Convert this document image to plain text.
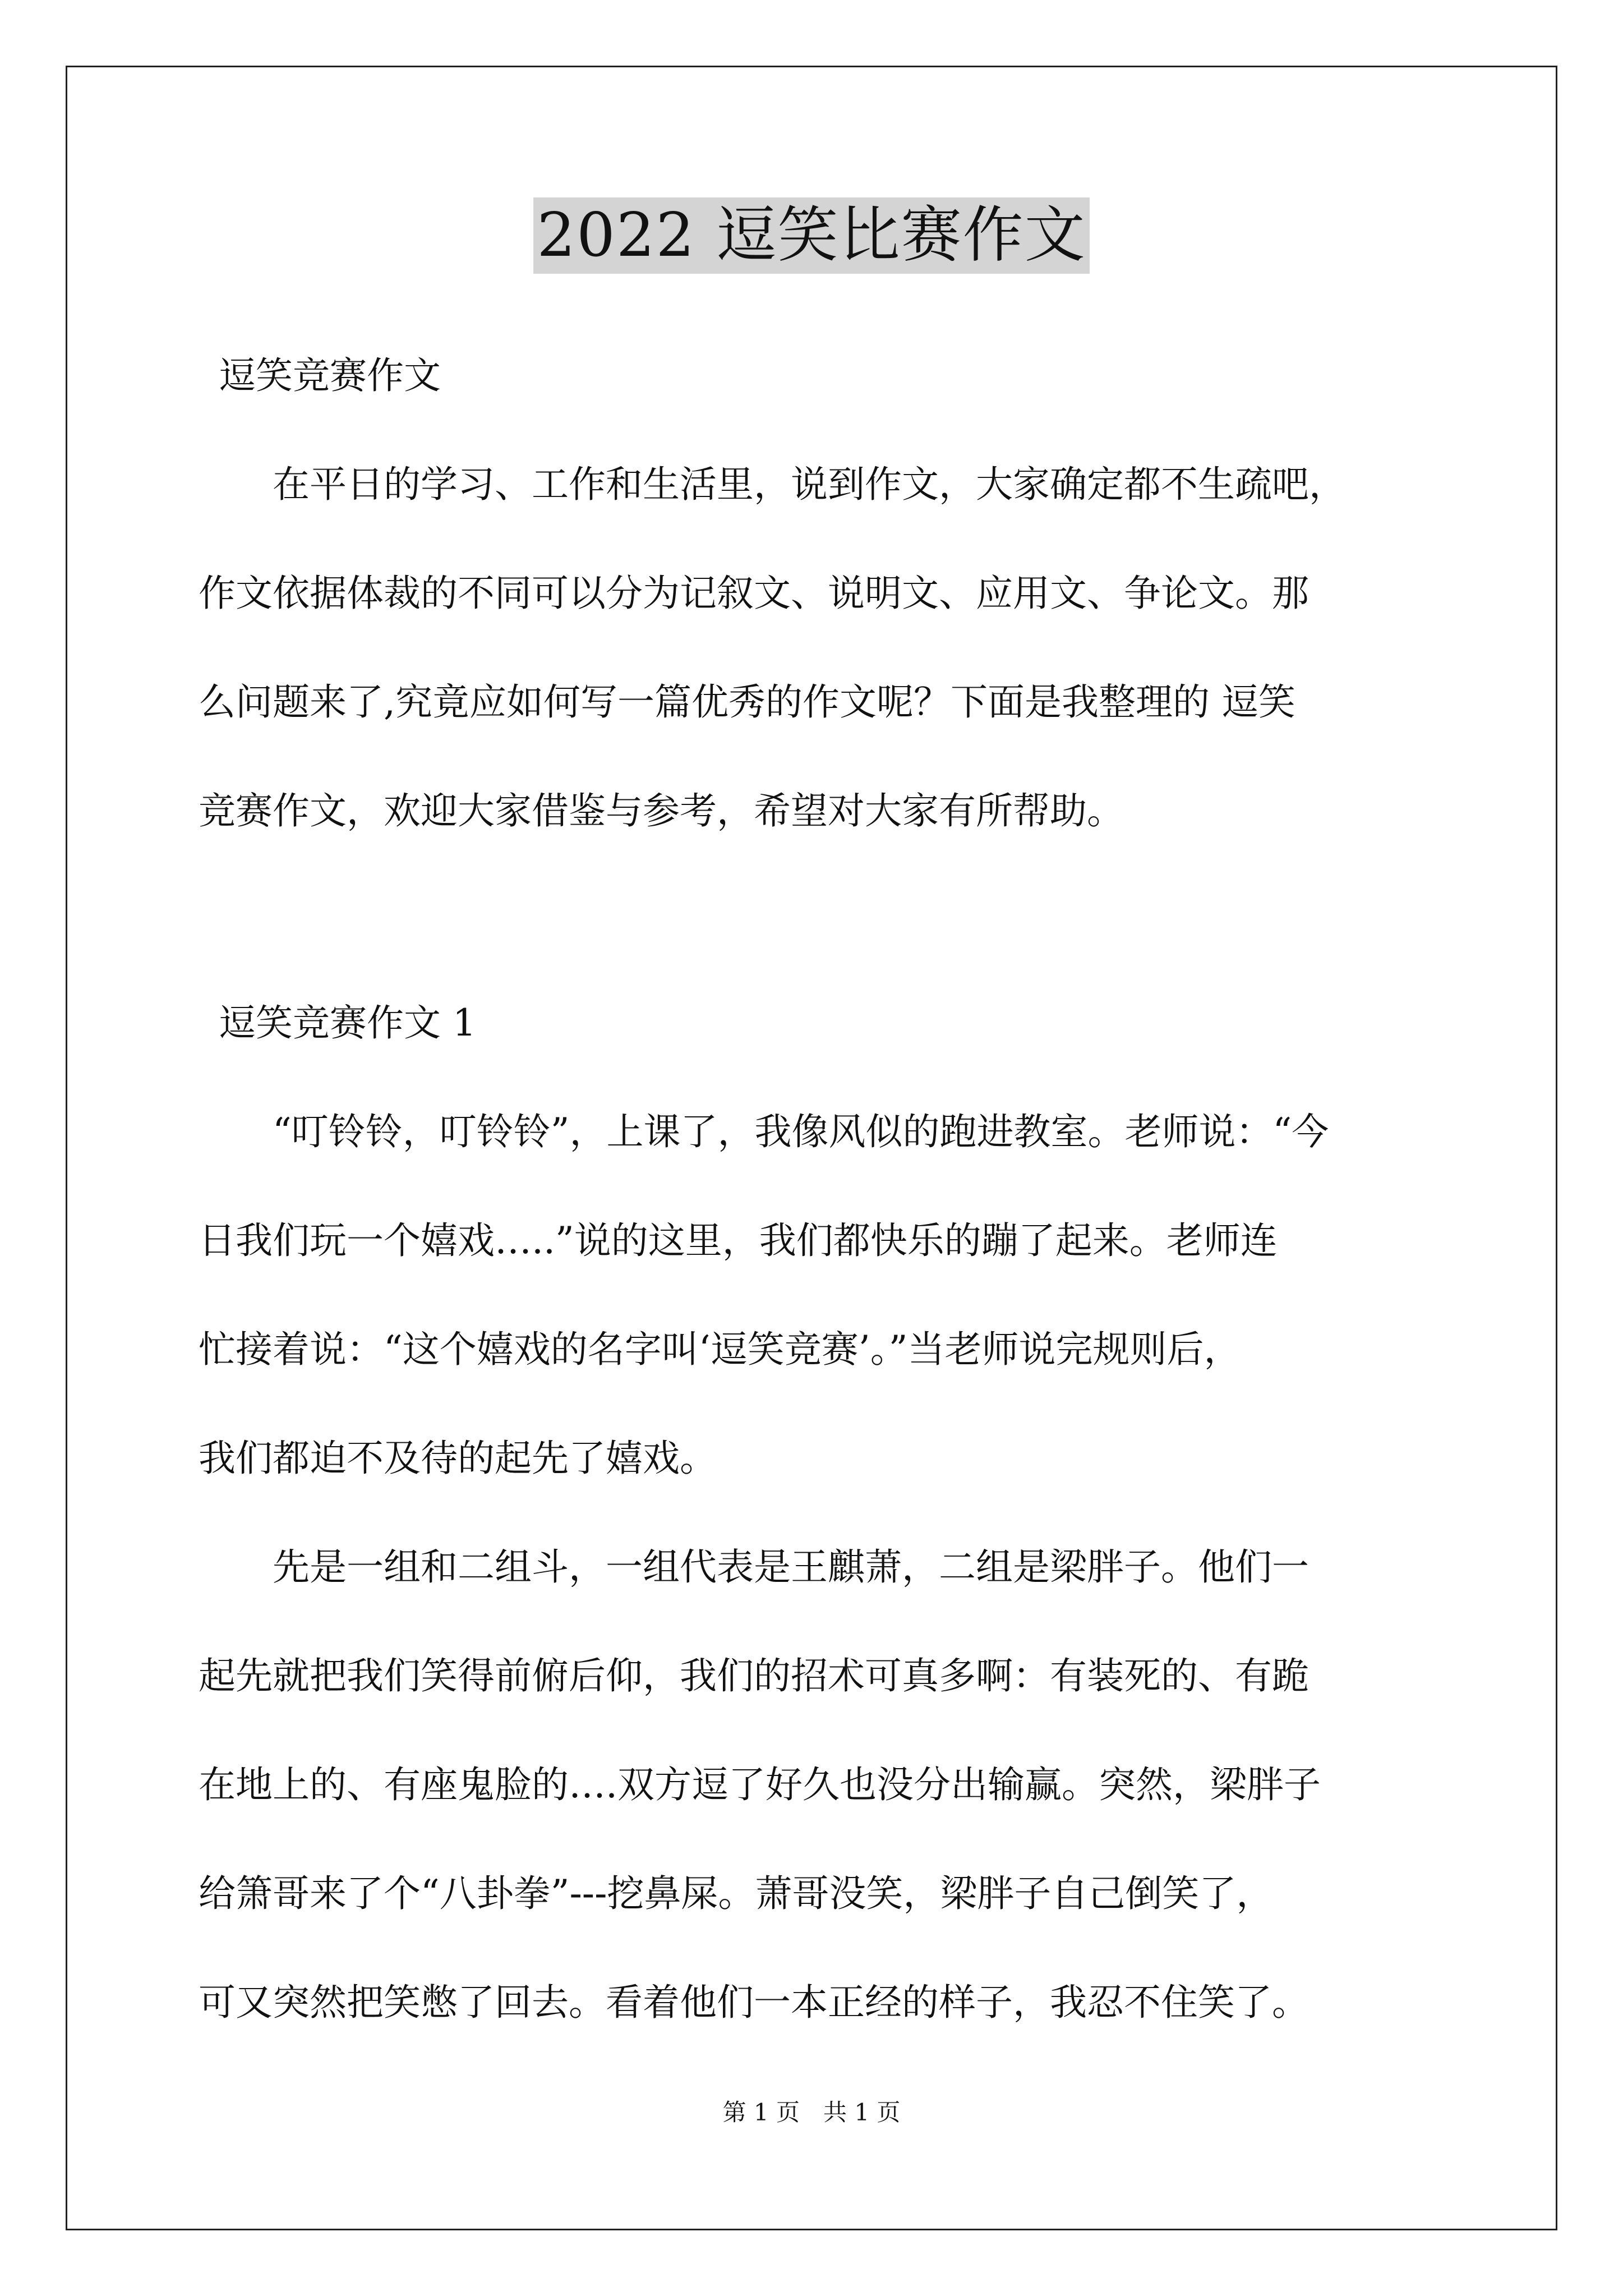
2022 逗笑比赛作文
逗笑竞赛作文
　　在平日的学习、工作和生活里，说到作文，大家确定都不生疏吧，
作文依据体裁的不同可以分为记叙文、说明文、应用文、争论文。那
么问题来了,究竟应如何写一篇优秀的作文呢？下面是我整理的 逗笑
竞赛作文，欢迎大家借鉴与参考，希望对大家有所帮助。
逗笑竞赛作文 1
　　“叮铃铃，叮铃铃”，上课了，我像风似的跑进教室。老师说：“今
日我们玩一个嬉戏…..”说的这里，我们都快乐的蹦了起来。老师连
忙接着说：“这个嬉戏的名字叫‘逗笑竞赛’。”当老师说完规则后，
我们都迫不及待的起先了嬉戏。
　　先是一组和二组斗，一组代表是王麒萧，二组是梁胖子。他们一
起先就把我们笑得前俯后仰，我们的招术可真多啊：有装死的、有跪
在地上的、有座鬼脸的….双方逗了好久也没分出输赢。突然，梁胖子
给箫哥来了个“八卦拳”---挖鼻屎。萧哥没笑，梁胖子自己倒笑了，
可又突然把笑憋了回去。看着他们一本正经的样子，我忍不住笑了。
第 1 页　共 1 页
